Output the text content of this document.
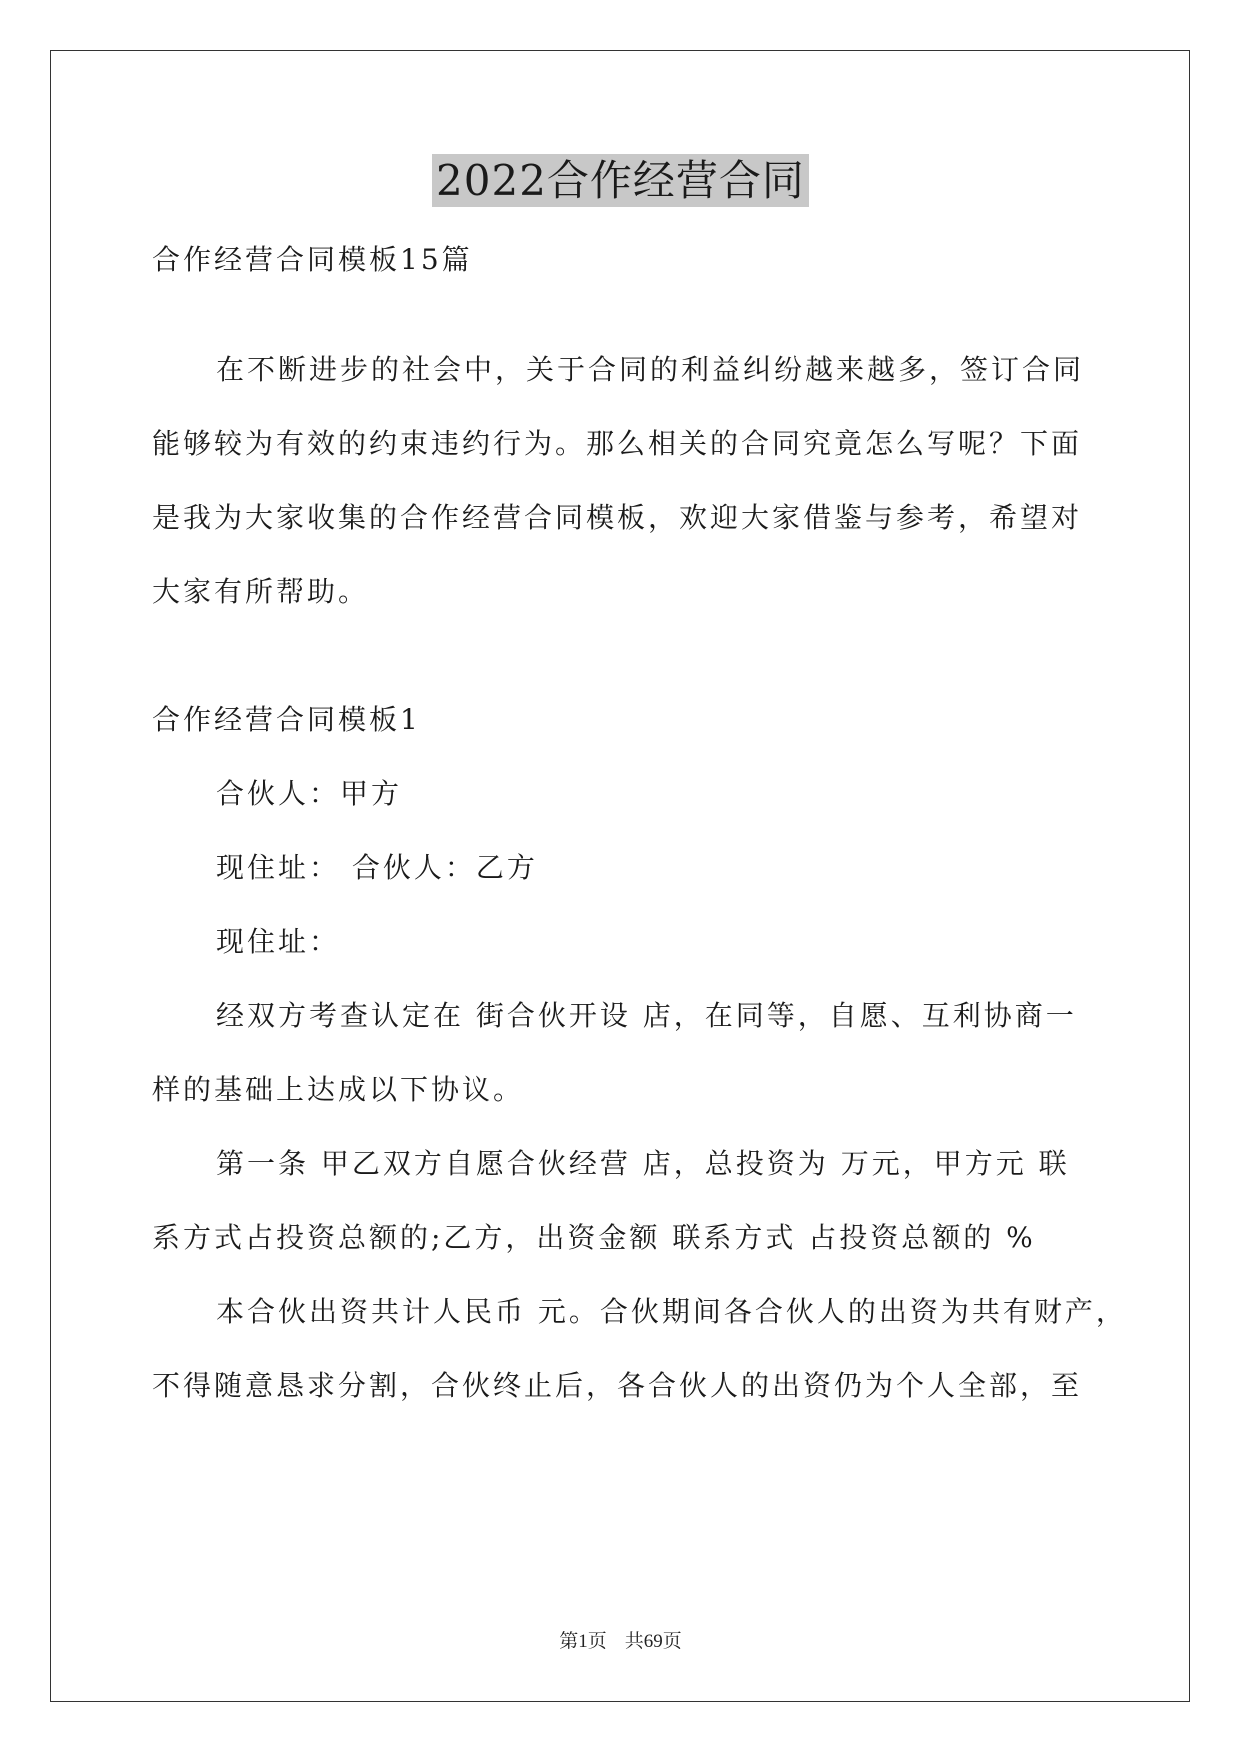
2022合作经营合同
合作经营合同模板15篇
在不断进步的社会中，关于合同的利益纠纷越来越多，签订合同
能够较为有效的约束违约行为。那么相关的合同究竟怎么写呢？下面
是我为大家收集的合作经营合同模板，欢迎大家借鉴与参考，希望对
大家有所帮助。
合作经营合同模板1
合伙人：甲方
现住址： 合伙人：乙方
现住址：
经双方考查认定在 街合伙开设 店，在同等，自愿、互利协商一
样的基础上达成以下协议。
第一条 甲乙双方自愿合伙经营 店，总投资为 万元，甲方元 联
系方式占投资总额的;乙方，出资金额 联系方式 占投资总额的 %
本合伙出资共计人民币 元。合伙期间各合伙人的出资为共有财产，
不得随意恳求分割，合伙终止后，各合伙人的出资仍为个人全部，至
第1页 共69页
